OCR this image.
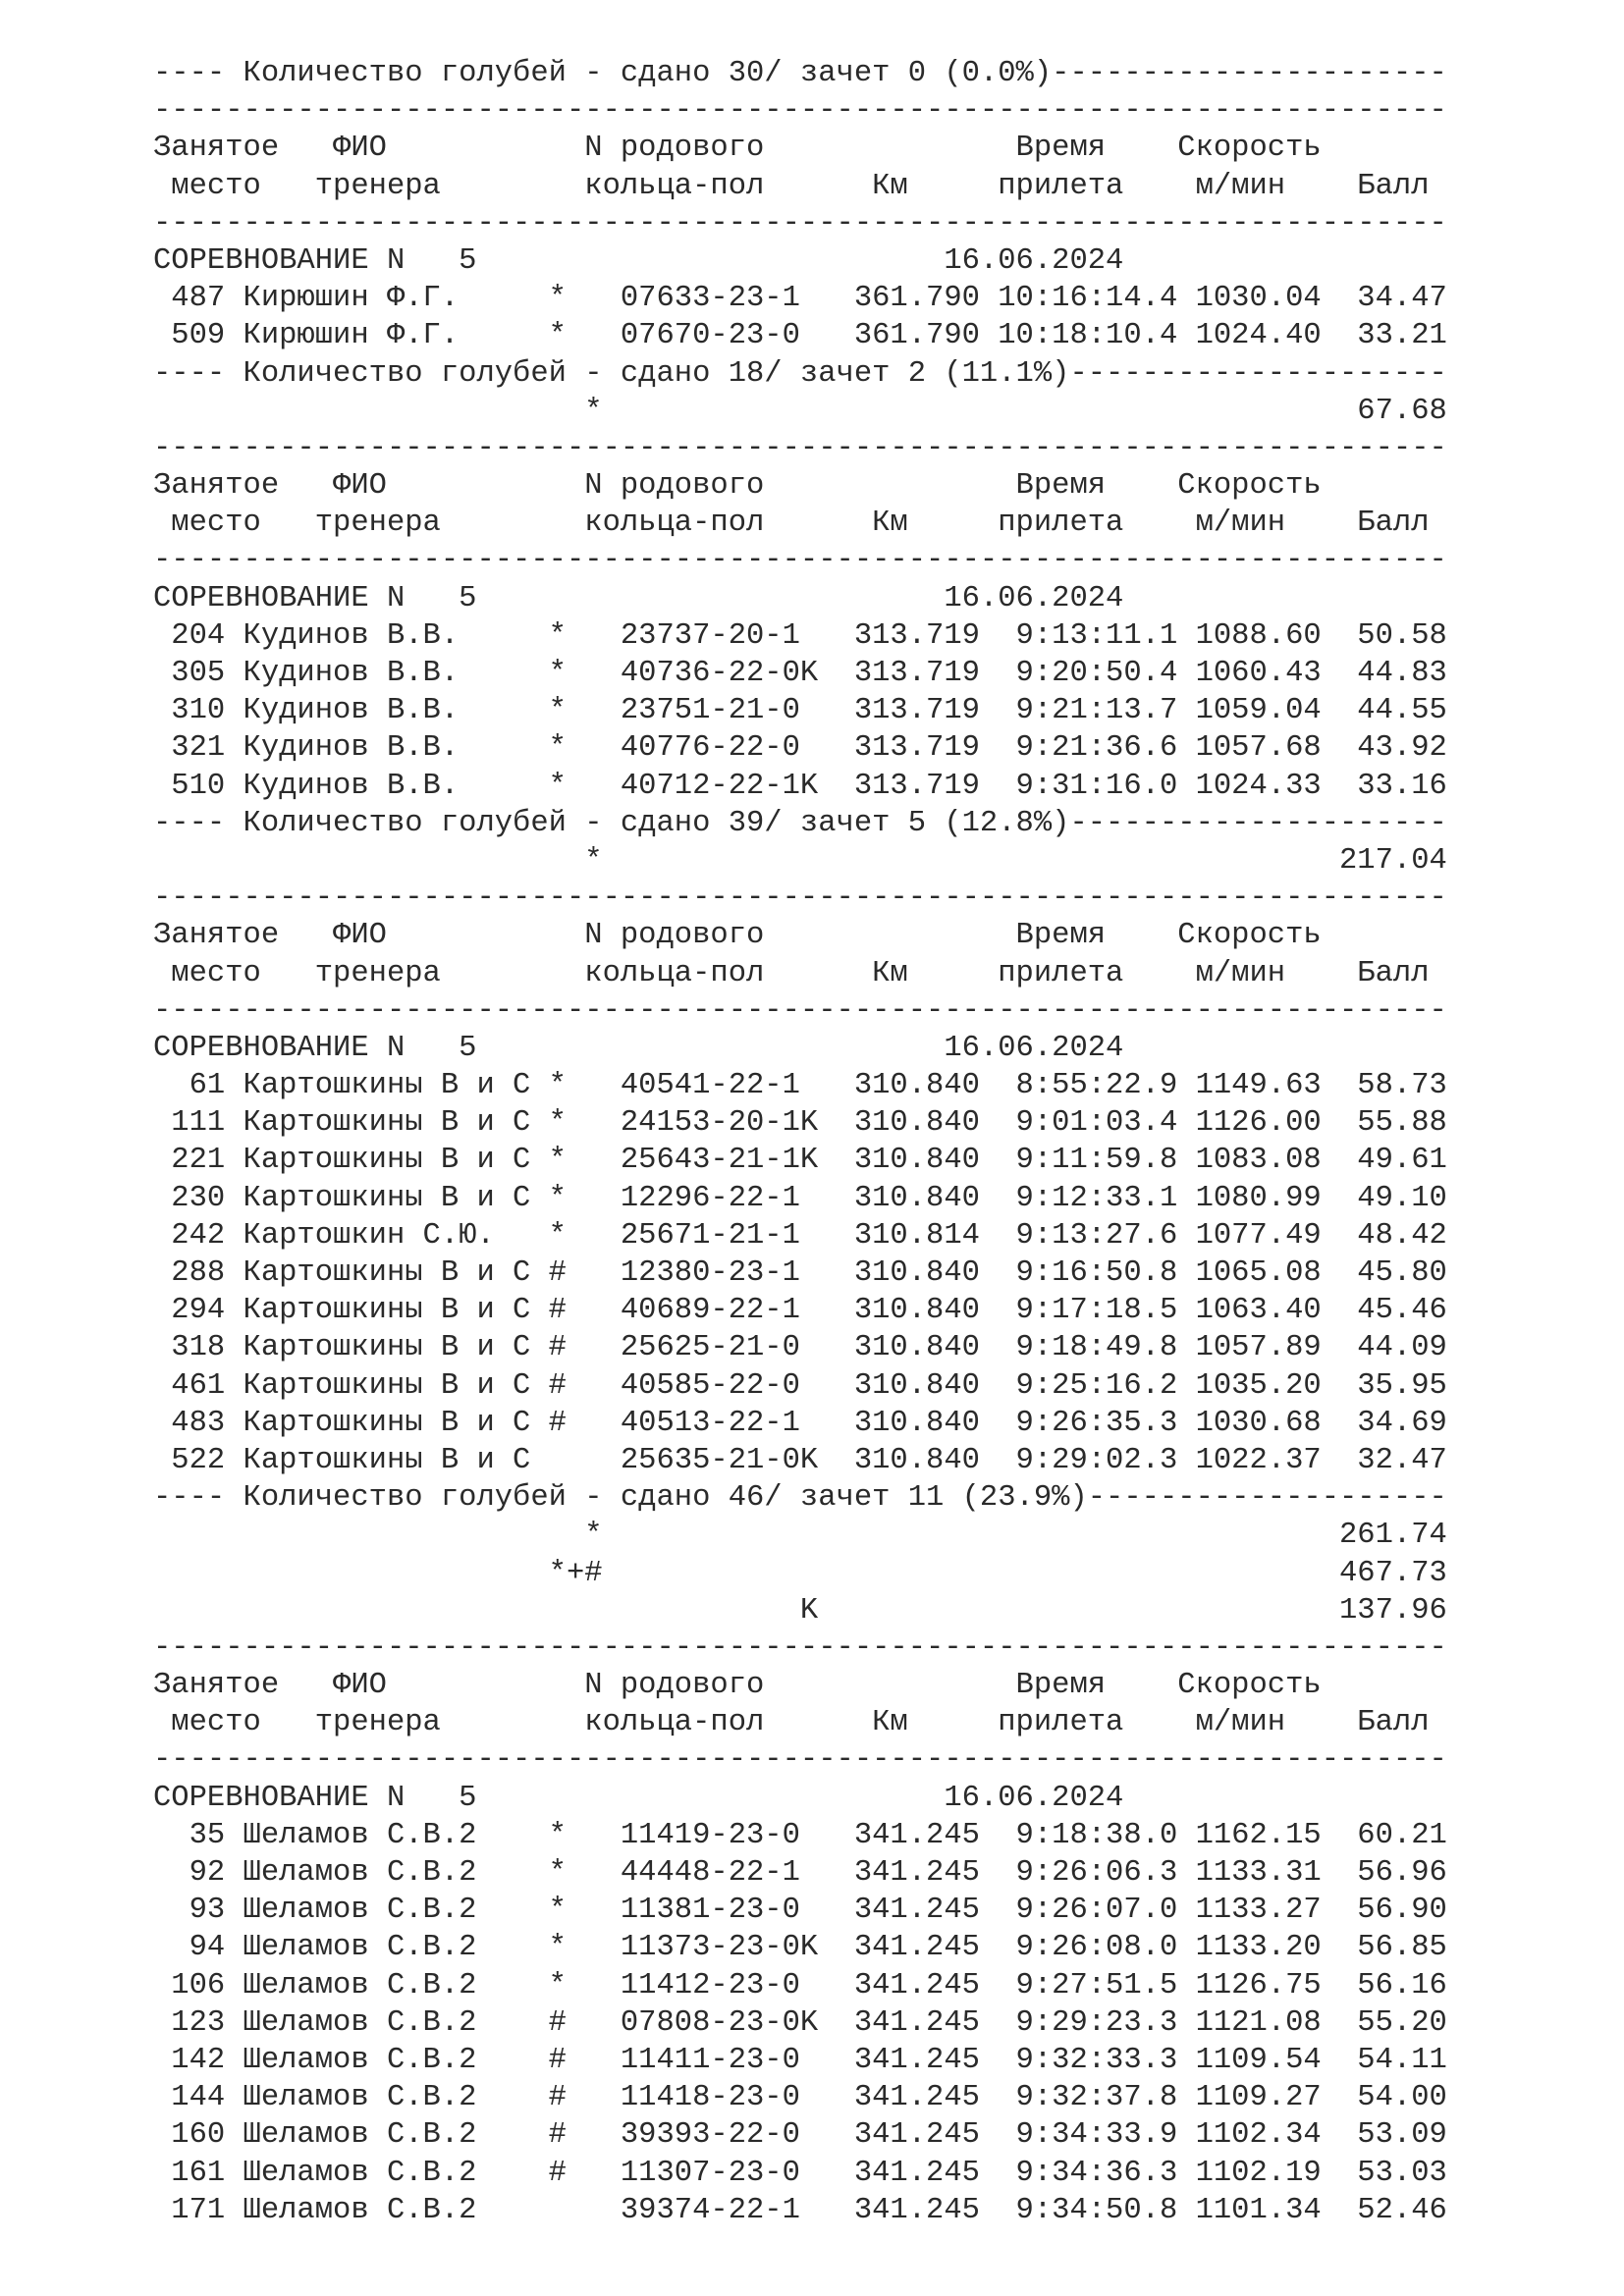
---- Количество голубей - сдано 30/ зачет 0 (0.0%)----------------------
------------------------------------------------------------------------
Занятое   ФИО           N родового              Время    Скорость
место   тренера        кольца-пол      Км     прилета    м/мин    Балл
------------------------------------------------------------------------
СОРЕВНОВАНИЕ N   5                          16.06.2024
487 Кирюшин Ф.Г.     *   07633-23-1   361.790 10:16:14.4 1030.04  34.47
509 Кирюшин Ф.Г.     *   07670-23-0   361.790 10:18:10.4 1024.40  33.21
---- Количество голубей - сдано 18/ зачет 2 (11.1%)---------------------
*                                          67.68
------------------------------------------------------------------------
Занятое   ФИО           N родового              Время    Скорость
место   тренера        кольца-пол      Км     прилета    м/мин    Балл
------------------------------------------------------------------------
СОРЕВНОВАНИЕ N   5                          16.06.2024
204 Кудинов В.В.     *   23737-20-1   313.719  9:13:11.1 1088.60  50.58
305 Кудинов В.В.     *   40736-22-0K  313.719  9:20:50.4 1060.43  44.83
310 Кудинов В.В.     *   23751-21-0   313.719  9:21:13.7 1059.04  44.55
321 Кудинов В.В.     *   40776-22-0   313.719  9:21:36.6 1057.68  43.92
510 Кудинов В.В.     *   40712-22-1K  313.719  9:31:16.0 1024.33  33.16
---- Количество голубей - сдано 39/ зачет 5 (12.8%)---------------------
*                                         217.04
------------------------------------------------------------------------
Занятое   ФИО           N родового              Время    Скорость
место   тренера        кольца-пол      Км     прилета    м/мин    Балл
------------------------------------------------------------------------
СОРЕВНОВАНИЕ N   5                          16.06.2024
61 Картошкины В и С *   40541-22-1   310.840  8:55:22.9 1149.63  58.73
111 Картошкины В и С *   24153-20-1K  310.840  9:01:03.4 1126.00  55.88
221 Картошкины В и С *   25643-21-1K  310.840  9:11:59.8 1083.08  49.61
230 Картошкины В и С *   12296-22-1   310.840  9:12:33.1 1080.99  49.10
242 Картошкин С.Ю.   *   25671-21-1   310.814  9:13:27.6 1077.49  48.42
288 Картошкины В и С #   12380-23-1   310.840  9:16:50.8 1065.08  45.80
294 Картошкины В и С #   40689-22-1   310.840  9:17:18.5 1063.40  45.46
318 Картошкины В и С #   25625-21-0   310.840  9:18:49.8 1057.89  44.09
461 Картошкины В и С #   40585-22-0   310.840  9:25:16.2 1035.20  35.95
483 Картошкины В и С #   40513-22-1   310.840  9:26:35.3 1030.68  34.69
522 Картошкины В и С     25635-21-0K  310.840  9:29:02.3 1022.37  32.47
---- Количество голубей - сдано 46/ зачет 11 (23.9%)--------------------
*                                         261.74
*+#                                         467.73
K                             137.96
------------------------------------------------------------------------
Занятое   ФИО           N родового              Время    Скорость
место   тренера        кольца-пол      Км     прилета    м/мин    Балл
------------------------------------------------------------------------
СОРЕВНОВАНИЕ N   5                          16.06.2024
35 Шеламов С.В.2    *   11419-23-0   341.245  9:18:38.0 1162.15  60.21
92 Шеламов С.В.2    *   44448-22-1   341.245  9:26:06.3 1133.31  56.96
93 Шеламов С.В.2    *   11381-23-0   341.245  9:26:07.0 1133.27  56.90
94 Шеламов С.В.2    *   11373-23-0K  341.245  9:26:08.0 1133.20  56.85
106 Шеламов С.В.2    *   11412-23-0   341.245  9:27:51.5 1126.75  56.16
123 Шеламов С.В.2    #   07808-23-0K  341.245  9:29:23.3 1121.08  55.20
142 Шеламов С.В.2    #   11411-23-0   341.245  9:32:33.3 1109.54  54.11
144 Шеламов С.В.2    #   11418-23-0   341.245  9:32:37.8 1109.27  54.00
160 Шеламов С.В.2    #   39393-22-0   341.245  9:34:33.9 1102.34  53.09
161 Шеламов С.В.2    #   11307-23-0   341.245  9:34:36.3 1102.19  53.03
171 Шеламов С.В.2        39374-22-1   341.245  9:34:50.8 1101.34  52.46
